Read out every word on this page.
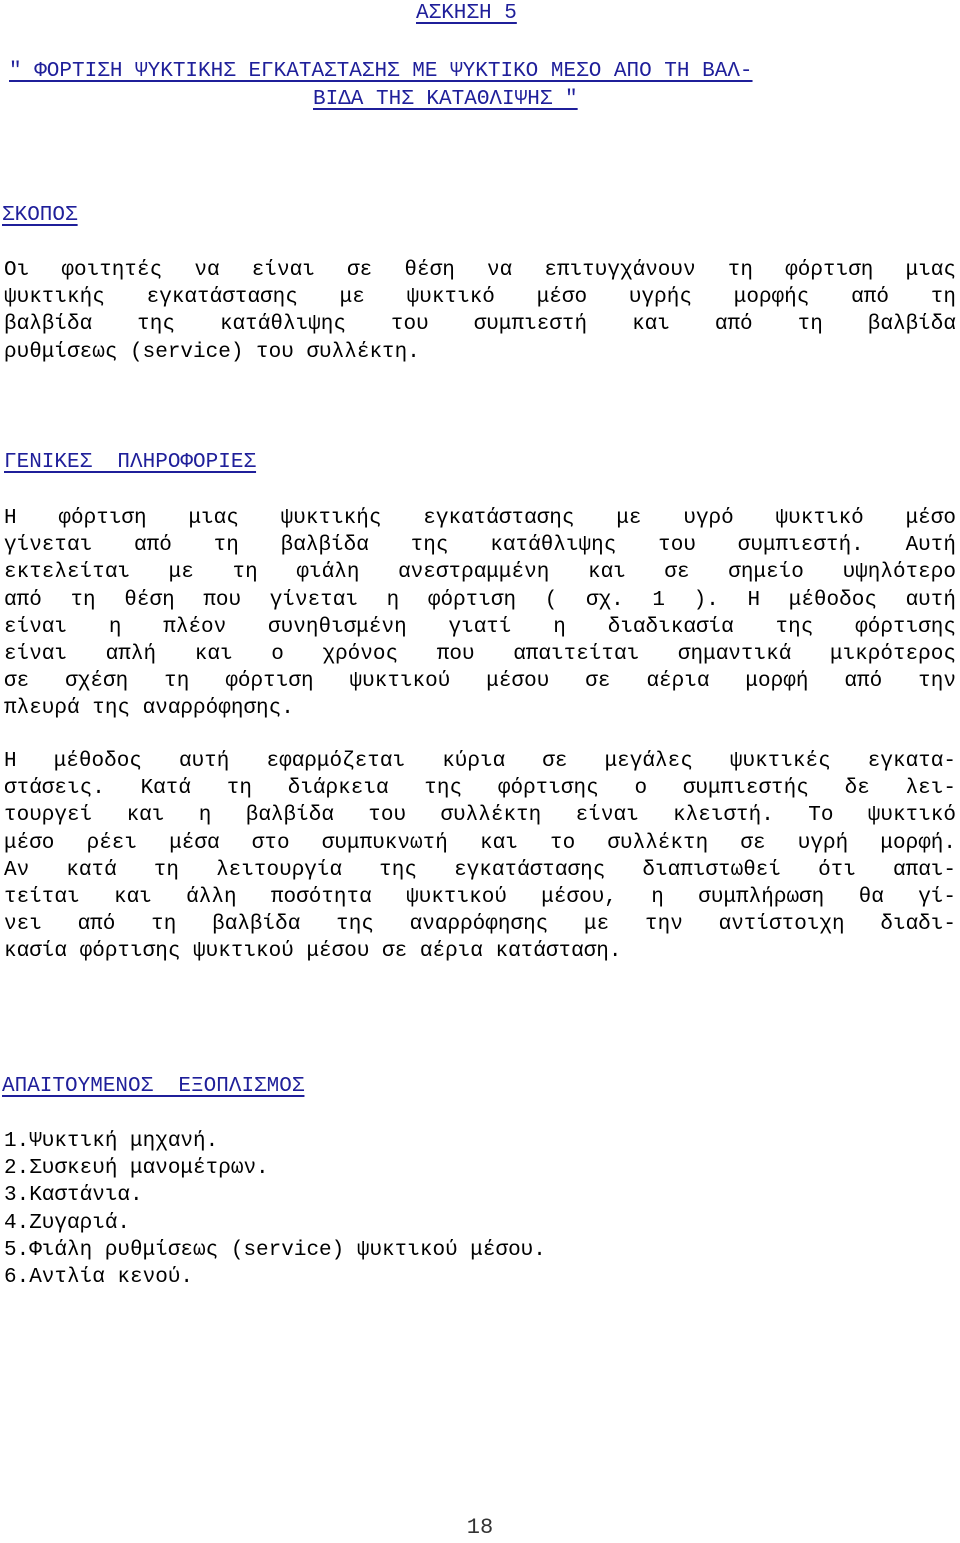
ΑΣΚΗΣΗ 5
" ΦΟΡΤΙΣΗ ΨΥΚΤΙΚΗΣ ΕΓΚΑΤΑΣΤΑΣΗΣ ΜΕ ΨΥΚΤΙΚΟ ΜΕΣΟ ΑΠΟ ΤΗ ΒΑΛ-
ΒΙΔΑ ΤΗΣ ΚΑΤΑΘΛΙΨΗΣ "
ΣΚΟΠΟΣ
Οι φοιτητές να είναι σε θέση να επιτυγχάνουν τη φόρτιση μιας
ψυκτικής εγκατάστασης με ψυκτικό μέσο υγρής μορφής από τη
βαλβίδα της κατάθλιψης του συμπιεστή και από τη βαλβίδα
ρυθμίσεως (service) του συλλέκτη.
ΓΕΝΙΚΕΣ  ΠΛΗΡΟΦΟΡΙΕΣ
Η φόρτιση μιας ψυκτικής εγκατάστασης με υγρό ψυκτικό μέσο
γίνεται από τη βαλβίδα της κατάθλιψης του συμπιεστή. Αυτή
εκτελείται με τη φιάλη ανεστραμμένη και σε σημείο υψηλότερο
από τη θέση που γίνεται η φόρτιση ( σχ. 1 ). Η μέθοδος αυτή
είναι η πλέον συνηθισμένη γιατί η διαδικασία της φόρτισης
είναι απλή και ο χρόνος που απαιτείται σημαντικά μικρότερος
σε σχέση τη φόρτιση ψυκτικού μέσου σε αέρια μορφή από την
πλευρά της αναρρόφησης.
Η μέθοδος αυτή εφαρμόζεται κύρια σε μεγάλες ψυκτικές εγκατα-
στάσεις. Κατά τη διάρκεια της φόρτισης ο συμπιεστής δε λει-
τουργεί και η βαλβίδα του συλλέκτη είναι κλειστή. Το ψυκτικό
μέσο ρέει μέσα στο συμπυκνωτή και το συλλέκτη σε υγρή μορφή.
Αν κατά τη λειτουργία της εγκατάστασης διαπιστωθεί ότι απαι-
τείται και άλλη ποσότητα ψυκτικού μέσου, η συμπλήρωση θα γί-
νει από τη βαλβίδα της αναρρόφησης με την αντίστοιχη διαδι-
κασία φόρτισης ψυκτικού μέσου σε αέρια κατάσταση.
ΑΠΑΙΤΟΥΜΕΝΟΣ  ΕΞΟΠΛΙΣΜΟΣ
1.Ψυκτική μηχανή.
2.Συσκευή μανομέτρων.
3.Καστάνια.
4.Ζυγαριά.
5.Φιάλη ρυθμίσεως (service) ψυκτικού μέσου.
6.Αντλία κενού.
18
